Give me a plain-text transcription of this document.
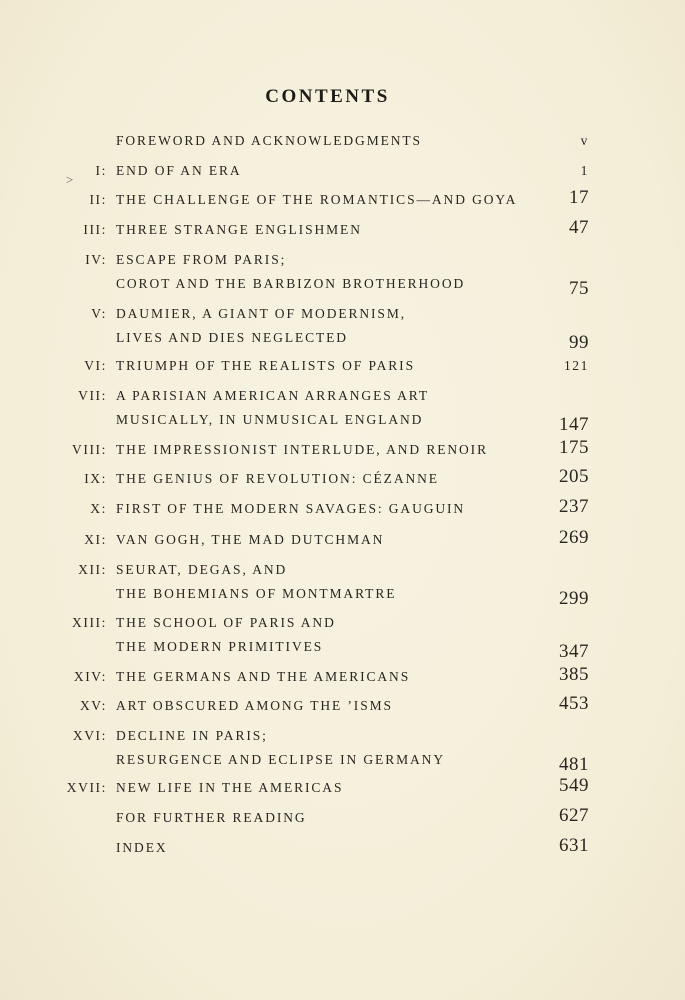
CONTENTS
>
FOREWORD AND ACKNOWLEDGMENTS	v
I: END OF AN ERA	1
II: THE CHALLENGE OF THE ROMANTICS—AND GOYA	17
III: THREE STRANGE ENGLISHMEN	47
IV: ESCAPE FROM PARIS;
COROT AND THE BARBIZON BROTHERHOOD	75
V: DAUMIER, A GIANT OF MODERNISM,
LIVES AND DIES NEGLECTED	99
VI: TRIUMPH OF THE REALISTS OF PARIS	121
VII: A PARISIAN AMERICAN ARRANGES ART
MUSICALLY, IN UNMUSICAL ENGLAND	147
VIII: THE IMPRESSIONIST INTERLUDE, AND RENOIR	175
IX: THE GENIUS OF REVOLUTION: CÉZANNE	205
X: FIRST OF THE MODERN SAVAGES: GAUGUIN	237
XI: VAN GOGH, THE MAD DUTCHMAN	269
XII: SEURAT, DEGAS, AND
THE BOHEMIANS OF MONTMARTRE	299
XIII: THE SCHOOL OF PARIS AND
THE MODERN PRIMITIVES	347
XIV: THE GERMANS AND THE AMERICANS	385
XV: ART OBSCURED AMONG THE ’ISMS	453
XVI: DECLINE IN PARIS;
RESURGENCE AND ECLIPSE IN GERMANY	481
XVII: NEW LIFE IN THE AMERICAS	549
FOR FURTHER READING	627
INDEX	631
